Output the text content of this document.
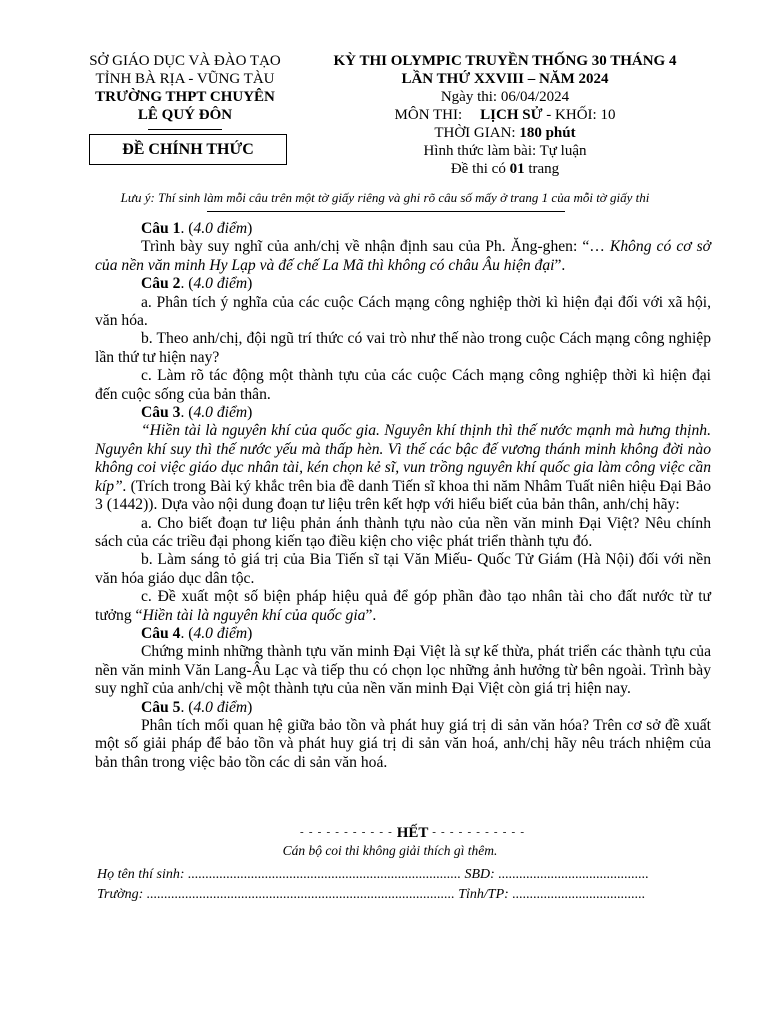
SỞ GIÁO DỤC VÀ ĐÀO TẠO
TỈNH BÀ RỊA - VŨNG TÀU
TRƯỜNG THPT CHUYÊN
LÊ QUÝ ĐÔN
ĐỀ CHÍNH THỨC
KỲ THI OLYMPIC TRUYỀN THỐNG 30 THÁNG 4
LẦN THỨ XXVIII – NĂM 2024
Ngày thi: 06/04/2024
MÔN THI: LỊCH SỬ - KHỐI: 10
THỜI GIAN: 180 phút
Hình thức làm bài: Tự luận
Đề thi có 01 trang
Lưu ý: Thí sinh làm mỗi câu trên một tờ giấy riêng và ghi rõ câu số mấy ở trang 1 của mỗi tờ giấy thi

Câu 1. (4.0 điểm)

Trình bày suy nghĩ của anh/chị về nhận định sau của Ph. Ăng-ghen: “… Không có cơ sở của nền văn minh Hy Lạp và đế chế La Mã thì không có châu Âu hiện đại”.

Câu 2. (4.0 điểm)

a. Phân tích ý nghĩa của các cuộc Cách mạng công nghiệp thời kì hiện đại đối với xã hội, văn hóa.

b. Theo anh/chị, đội ngũ trí thức có vai trò như thế nào trong cuộc Cách mạng công nghiệp lần thứ tư hiện nay?

c. Làm rõ tác động một thành tựu của các cuộc Cách mạng công nghiệp thời kì hiện đại đến cuộc sống của bản thân.

Câu 3. (4.0 điểm)

“Hiền tài là nguyên khí của quốc gia. Nguyên khí thịnh thì thế nước mạnh mà hưng thịnh. Nguyên khí suy thì thế nước yếu mà thấp hèn. Vì thế các bậc đế vương thánh minh không đời nào không coi việc giáo dục nhân tài, kén chọn kẻ sĩ, vun trồng nguyên khí quốc gia làm công việc cần kíp”. (Trích trong Bài ký khắc trên bia đề danh Tiến sĩ khoa thi năm Nhâm Tuất niên hiệu Đại Bảo 3 (1442)). Dựa vào nội dung đoạn tư liệu trên kết hợp với hiểu biết của bản thân, anh/chị hãy:

a. Cho biết đoạn tư liệu phản ánh thành tựu nào của nền văn minh Đại Việt? Nêu chính sách của các triều đại phong kiến tạo điều kiện cho việc phát triển thành tựu đó.

b. Làm sáng tỏ giá trị của Bia Tiến sĩ tại Văn Miếu- Quốc Tử Giám (Hà Nội) đối với nền văn hóa giáo dục dân tộc.

c. Đề xuất một số biện pháp hiệu quả để góp phần đào tạo nhân tài cho đất nước từ tư tưởng “Hiền tài là nguyên khí của quốc gia”.

Câu 4. (4.0 điểm)

Chứng minh những thành tựu văn minh Đại Việt là sự kế thừa, phát triển các thành tựu của nền văn minh Văn Lang-Âu Lạc và tiếp thu có chọn lọc những ảnh hưởng từ bên ngoài. Trình bày suy nghĩ của anh/chị về một thành tựu của nền văn minh Đại Việt còn giá trị hiện nay.

Câu 5. (4.0 điểm)

Phân tích mối quan hệ giữa bảo tồn và phát huy giá trị di sản văn hóa? Trên cơ sở đề xuất một số giải pháp để bảo tồn và phát huy giá trị di sản văn hoá, anh/chị hãy nêu trách nhiệm của bản thân trong việc bảo tồn các di sản văn hoá.

- - - - - - - - - - - HẾT - - - - - - - - - - -
Cán bộ coi thi không giải thích gì thêm.
Họ tên thí sinh: .............................................................................. SBD: ...........................................
Trường: ........................................................................................ Tỉnh/TP: ......................................
